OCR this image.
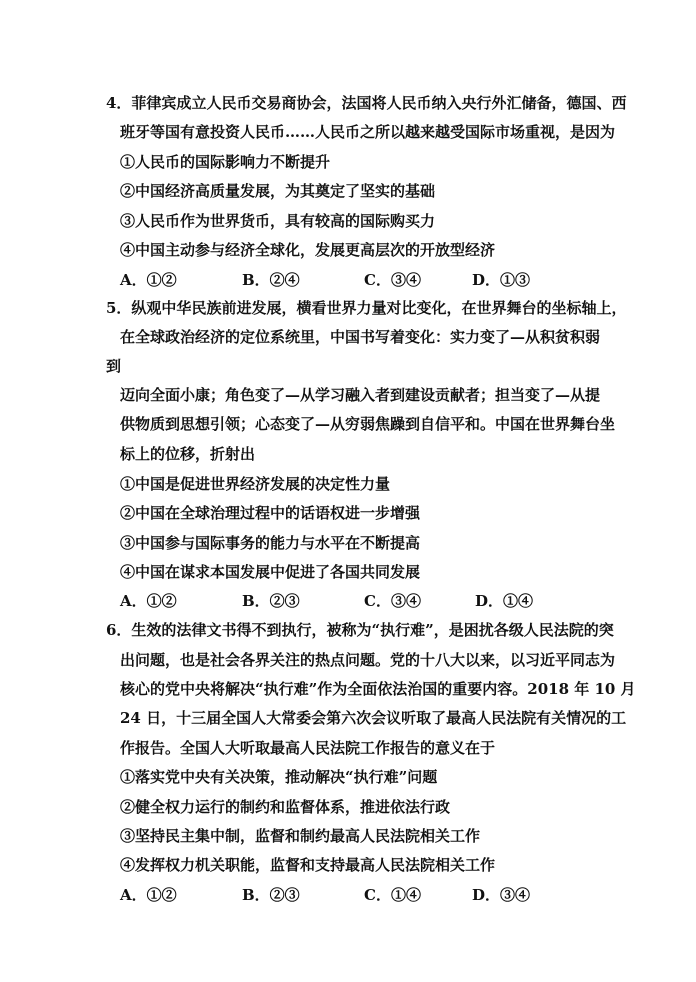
4．菲律宾成立人民币交易商协会，法国将人民币纳入央行外汇储备，德国、西
班牙等国有意投资人民币……人民币之所以越来越受国际市场重视，是因为
①人民币的国际影响力不断提升
②中国经济高质量发展，为其奠定了坚实的基础
③人民币作为世界货币，具有较高的国际购买力
④中国主动参与经济全球化，发展更高层次的开放型经济
A．①②	B．②④	C．③④	D．①③
5．纵观中华民族前进发展，横看世界力量对比变化，在世界舞台的坐标轴上，
在全球政治经济的定位系统里，中国书写着变化：实力变了—从积贫积弱
到
迈向全面小康；角色变了—从学习融入者到建设贡献者；担当变了—从提
供物质到思想引领；心态变了—从穷弱焦躁到自信平和。中国在世界舞台坐
标上的位移，折射出
①中国是促进世界经济发展的决定性力量
②中国在全球治理过程中的话语权进一步增强
③中国参与国际事务的能力与水平在不断提高
④中国在谋求本国发展中促进了各国共同发展
A．①②	B．②③	C．③④	D．①④
6．生效的法律文书得不到执行，被称为“执行难”，是困扰各级人民法院的突
出问题，也是社会各界关注的热点问题。党的十八大以来，以习近平同志为
核心的党中央将解决“执行难”作为全面依法治国的重要内容。2018 年 10 月
24 日，十三届全国人大常委会第六次会议听取了最高人民法院有关情况的工
作报告。全国人大听取最高人民法院工作报告的意义在于
①落实党中央有关决策，推动解决“执行难”问题
②健全权力运行的制约和监督体系，推进依法行政
③坚持民主集中制，监督和制约最高人民法院相关工作
④发挥权力机关职能，监督和支持最高人民法院相关工作
A．①②	B．②③	C．①④	D．③④
